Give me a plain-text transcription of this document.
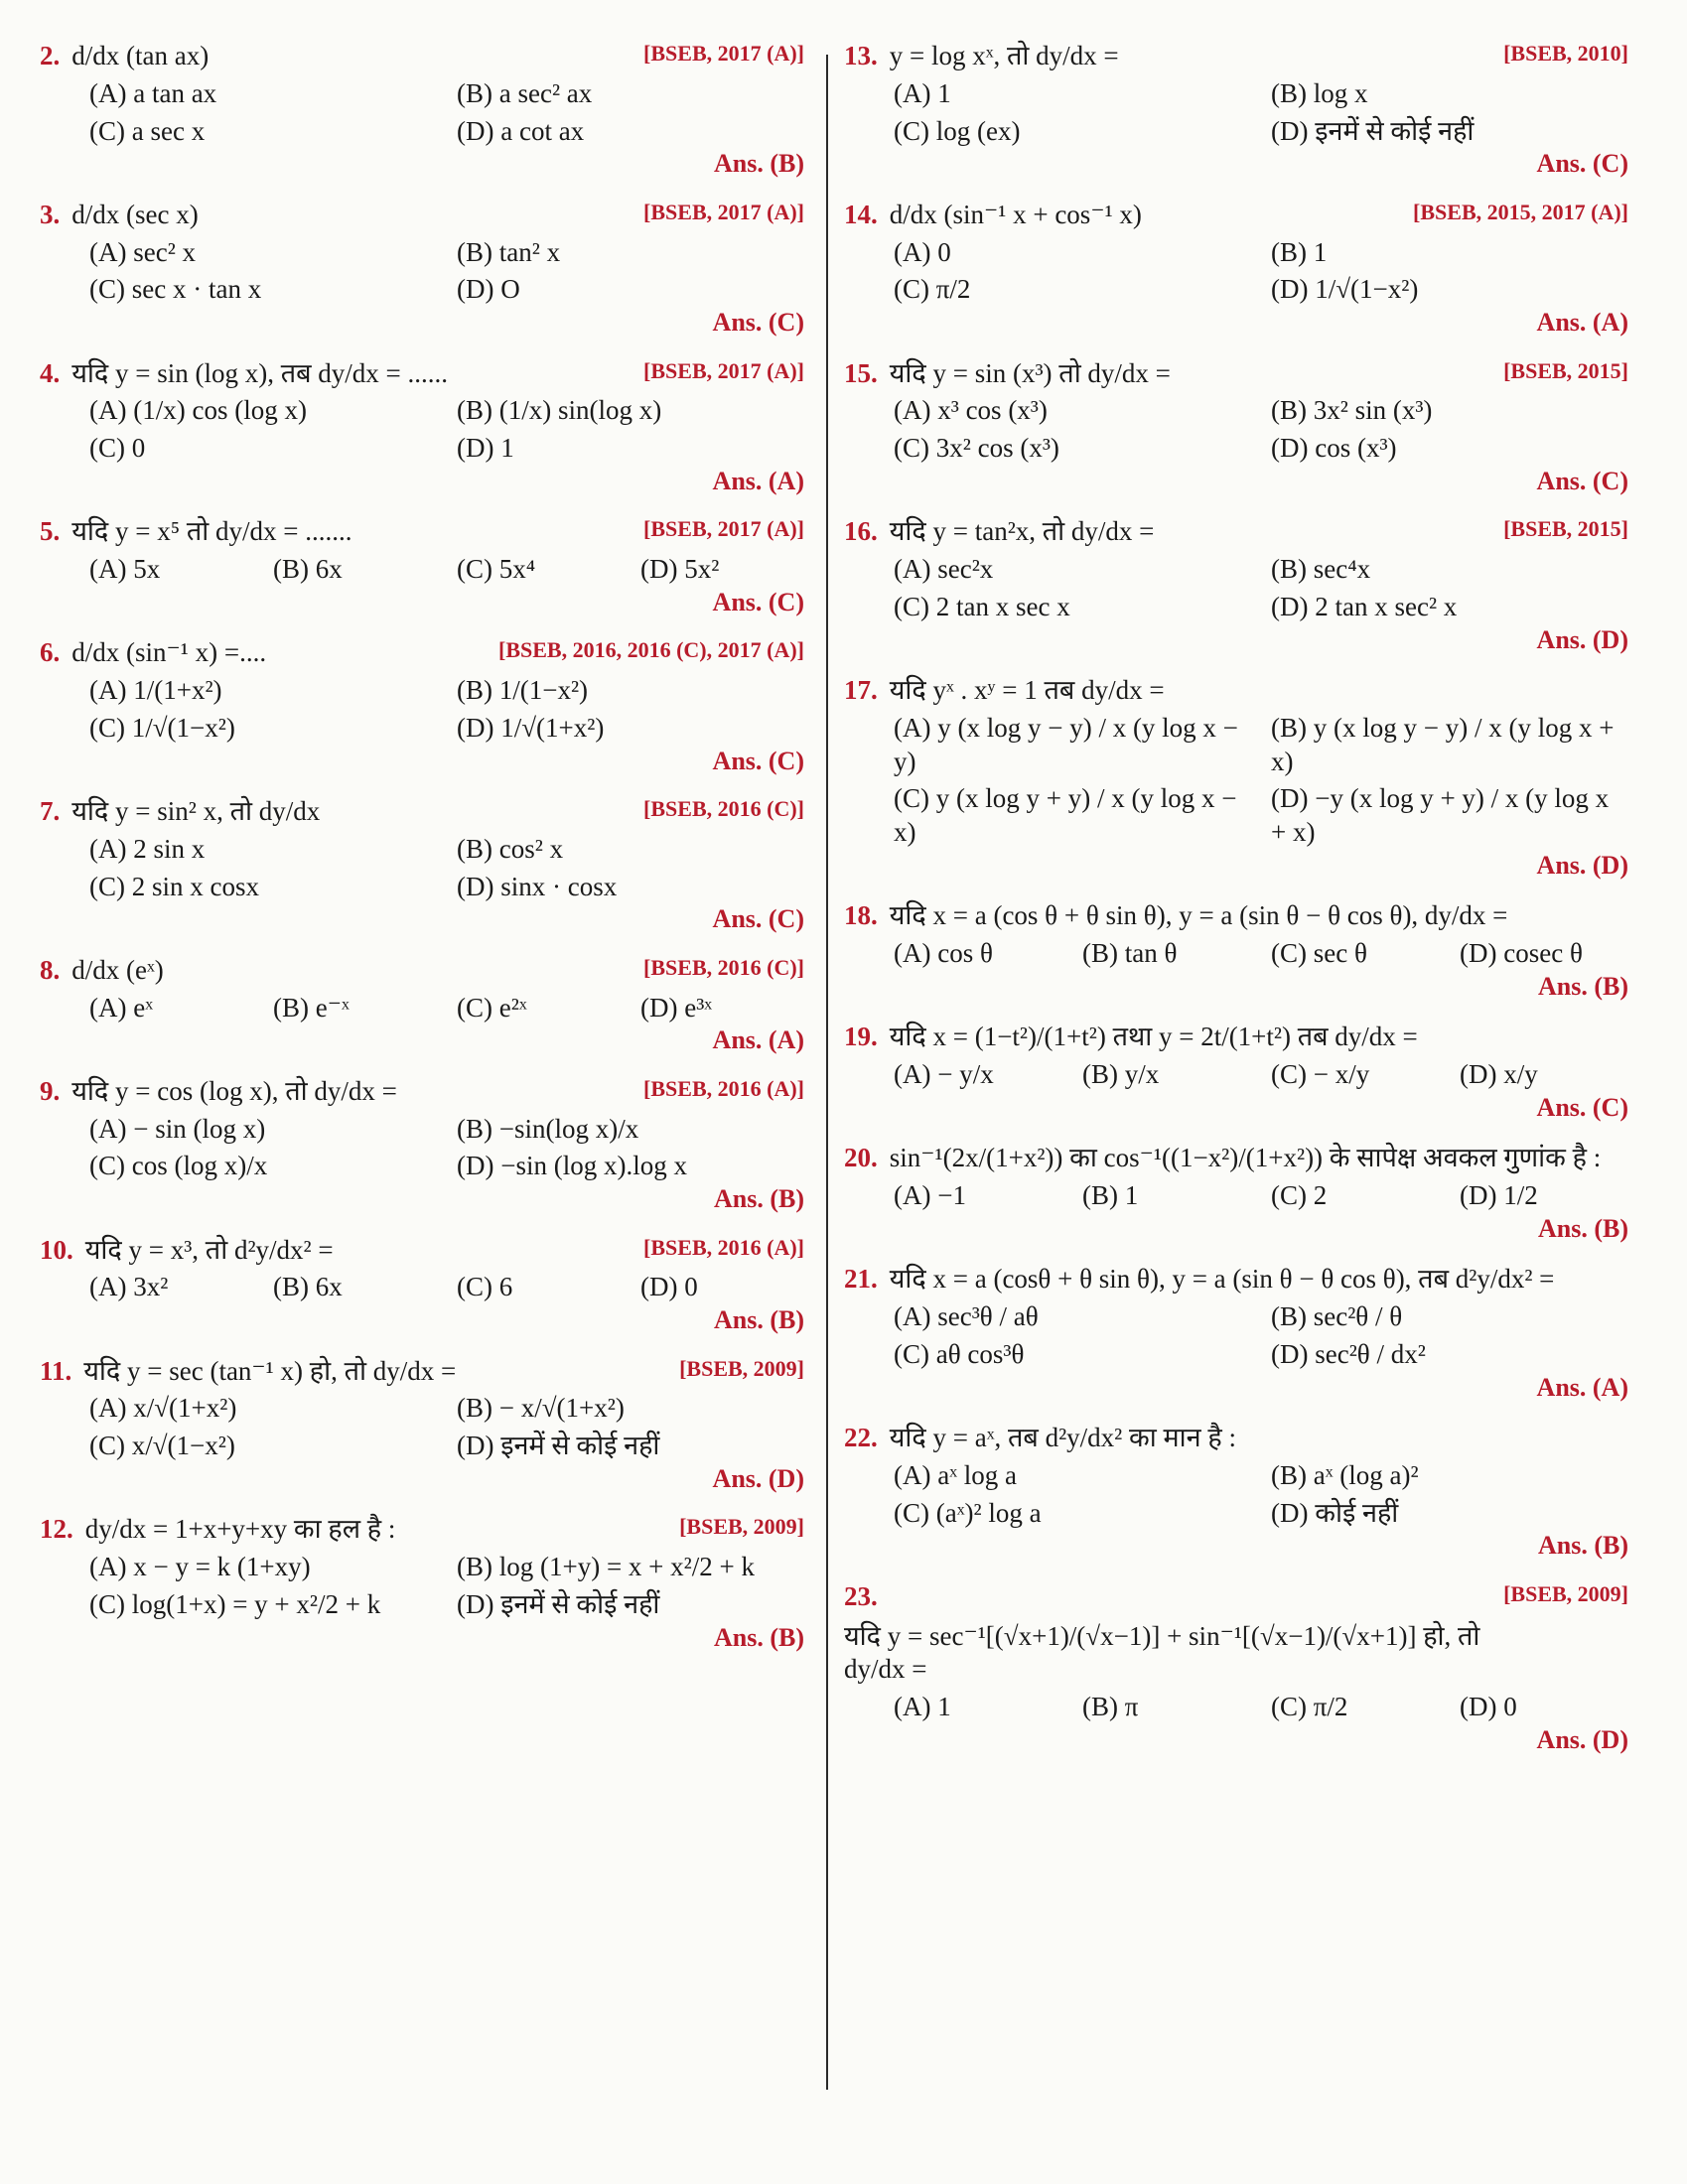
2. d/dx (tan ax)	[BSEB, 2017 (A)]
(A) a tan ax	(B) a sec² ax
(C) a sec x	(D) a cot ax
Ans. (B)
3. d/dx (sec x)	[BSEB, 2017 (A)]
(A) sec² x	(B) tan² x
(C) sec x · tan x	(D) O
Ans. (C)
4. यदि y = sin (log x), तब dy/dx = ......	[BSEB, 2017 (A)]
(A) (1/x) cos (log x)	(B) (1/x) sin(log x)
(C) 0	(D) 1
Ans. (A)
5. यदि y = x⁵ तो dy/dx = .......	[BSEB, 2017 (A)]
(A) 5x	(B) 6x	(C) 5x⁴	(D) 5x²
Ans. (C)
6. d/dx (sin⁻¹ x) =....	[BSEB, 2016, 2016 (C), 2017 (A)]
(A) 1/(1+x²)	(B) 1/(1−x²)
(C) 1/√(1−x²)	(D) 1/√(1+x²)
Ans. (C)
7. यदि y = sin² x, तो dy/dx	[BSEB, 2016 (C)]
(A) 2 sin x	(B) cos² x
(C) 2 sin x cosx	(D) sinx · cosx
Ans. (C)
8. d/dx (eˣ)	[BSEB, 2016 (C)]
(A) eˣ	(B) e⁻ˣ	(C) e²ˣ	(D) e³ˣ
Ans. (A)
9. यदि y = cos (log x), तो dy/dx =	[BSEB, 2016 (A)]
(A) − sin (log x)	(B) −sin(log x)/x
(C) cos (log x)/x	(D) −sin (log x).log x
Ans. (B)
10. यदि y = x³, तो d²y/dx² =	[BSEB, 2016 (A)]
(A) 3x²	(B) 6x	(C) 6	(D) 0
Ans. (B)
11. यदि y = sec (tan⁻¹ x) हो, तो dy/dx =	[BSEB, 2009]
(A) x/√(1+x²)	(B) − x/√(1+x²)
(C) x/√(1−x²)	(D) इनमें से कोई नहीं
Ans. (D)
12. dy/dx = 1+x+y+xy का हल है :	[BSEB, 2009]
(A) x − y = k (1+xy)	(B) log (1+y) = x + x²/2 + k
(C) log(1+x) = y + x²/2 + k	(D) इनमें से कोई नहीं
Ans. (B)
13. y = log xˣ, तो dy/dx =	[BSEB, 2010]
(A) 1	(B) log x
(C) log (ex)	(D) इनमें से कोई नहीं
Ans. (C)
14. d/dx (sin⁻¹ x + cos⁻¹ x)	[BSEB, 2015, 2017 (A)]
(A) 0	(B) 1
(C) π/2	(D) 1/√(1−x²)
Ans. (A)
15. यदि y = sin (x³) तो dy/dx =	[BSEB, 2015]
(A) x³ cos (x³)	(B) 3x² sin (x³)
(C) 3x² cos (x³)	(D) cos (x³)
Ans. (C)
16. यदि y = tan²x, तो dy/dx =	[BSEB, 2015]
(A) sec²x	(B) sec⁴x
(C) 2 tan x sec x	(D) 2 tan x sec² x
Ans. (D)
17. यदि yˣ . xʸ = 1 तब dy/dx =
(A) y (x log y − y) / x (y log x − y)
(B) y (x log y − y) / x (y log x + x)
(C) y (x log y + y) / x (y log x − x)
(D) −y (x log y + y) / x (y log x + x)
Ans. (D)
18. यदि x = a (cos θ + θ sin θ), y = a (sin θ − θ cos θ), dy/dx =
(A) cos θ	(B) tan θ	(C) sec θ	(D) cosec θ
Ans. (B)
19. यदि x = (1−t²)/(1+t²) तथा y = 2t/(1+t²) तब dy/dx =
(A) − y/x	(B) y/x	(C) − x/y	(D) x/y
Ans. (C)
20. sin⁻¹(2x/(1+x²)) का cos⁻¹((1−x²)/(1+x²)) के सापेक्ष अवकल गुणांक है :
(A) −1	(B) 1	(C) 2	(D) 1/2
Ans. (B)
21. यदि x = a (cosθ + θ sin θ), y = a (sin θ − θ cos θ), तब d²y/dx² =
(A) sec³θ / aθ	(B) sec²θ / θ
(C) aθ cos³θ	(D) sec²θ / dx²
Ans. (A)
22. यदि y = aˣ, तब d²y/dx² का मान है :
(A) aˣ log a	(B) aˣ (log a)²
(C) (aˣ)² log a	(D) कोई नहीं
Ans. (B)
23.
यदि y = sec⁻¹[(√x+1)/(√x−1)] + sin⁻¹[(√x−1)/(√x+1)] हो, तो dy/dx =
[BSEB, 2009]
(A) 1	(B) π	(C) π/2	(D) 0
Ans. (D)
